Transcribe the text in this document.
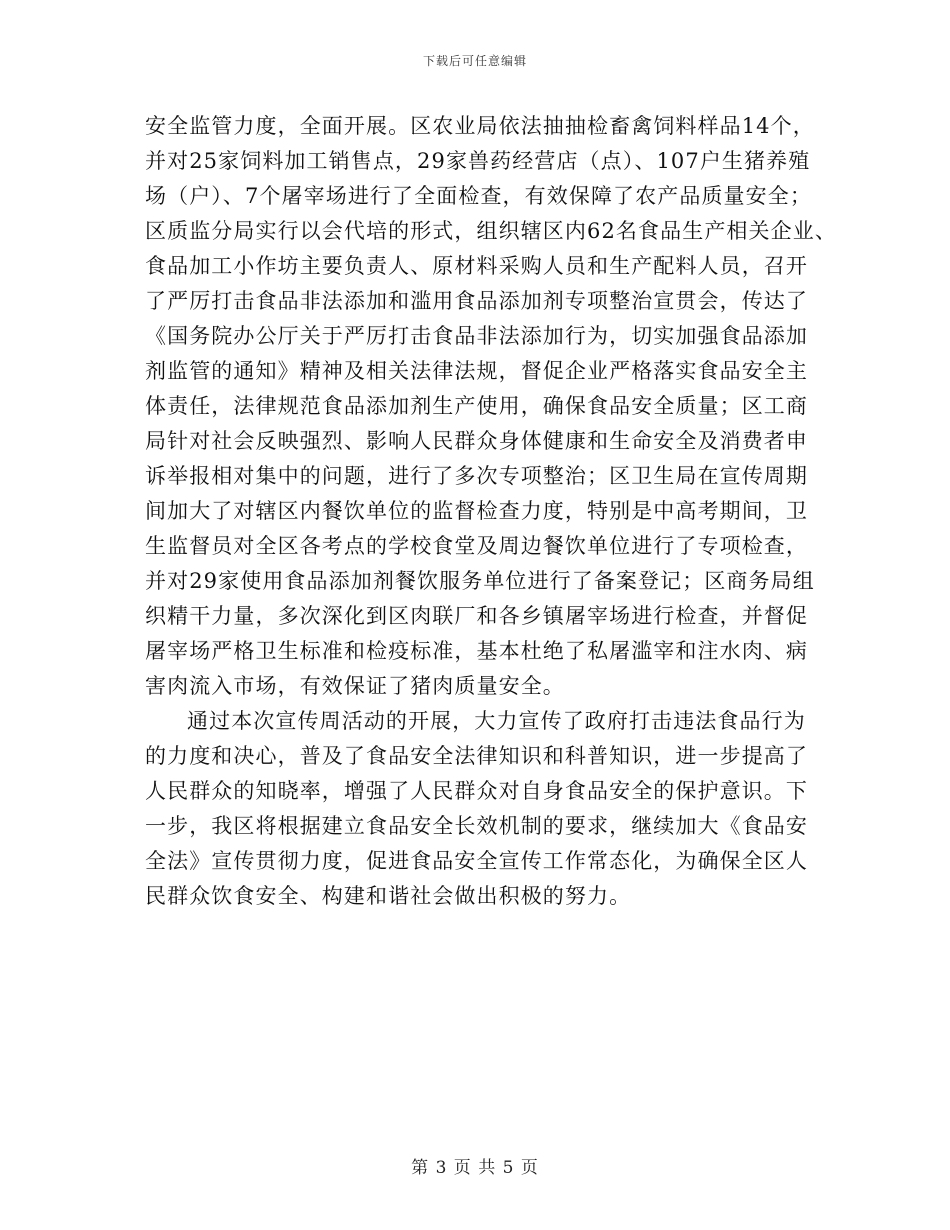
下载后可任意编辑
安全监管力度，全面开展。区农业局依法抽抽检畜禽饲料样品14个，
并对25家饲料加工销售点，29家兽药经营店（点）、107户生猪养殖
场（户）、7个屠宰场进行了全面检查，有效保障了农产品质量安全；
区质监分局实行以会代培的形式，组织辖区内62名食品生产相关企业、
食品加工小作坊主要负责人、原材料采购人员和生产配料人员，召开
了严厉打击食品非法添加和滥用食品添加剂专项整治宣贯会，传达了
《国务院办公厅关于严厉打击食品非法添加行为，切实加强食品添加
剂监管的通知》精神及相关法律法规，督促企业严格落实食品安全主
体责任，法律规范食品添加剂生产使用，确保食品安全质量；区工商
局针对社会反映强烈、影响人民群众身体健康和生命安全及消费者申
诉举报相对集中的问题，进行了多次专项整治；区卫生局在宣传周期
间加大了对辖区内餐饮单位的监督检查力度，特别是中高考期间，卫
生监督员对全区各考点的学校食堂及周边餐饮单位进行了专项检查，
并对29家使用食品添加剂餐饮服务单位进行了备案登记；区商务局组
织精干力量，多次深化到区肉联厂和各乡镇屠宰场进行检查，并督促
屠宰场严格卫生标准和检疫标准，基本杜绝了私屠滥宰和注水肉、病
害肉流入市场，有效保证了猪肉质量安全。
通过本次宣传周活动的开展，大力宣传了政府打击违法食品行为
的力度和决心，普及了食品安全法律知识和科普知识，进一步提高了
人民群众的知晓率，增强了人民群众对自身食品安全的保护意识。下
一步，我区将根据建立食品安全长效机制的要求，继续加大《食品安
全法》宣传贯彻力度，促进食品安全宣传工作常态化，为确保全区人
民群众饮食安全、构建和谐社会做出积极的努力。
第 3 页 共 5 页
